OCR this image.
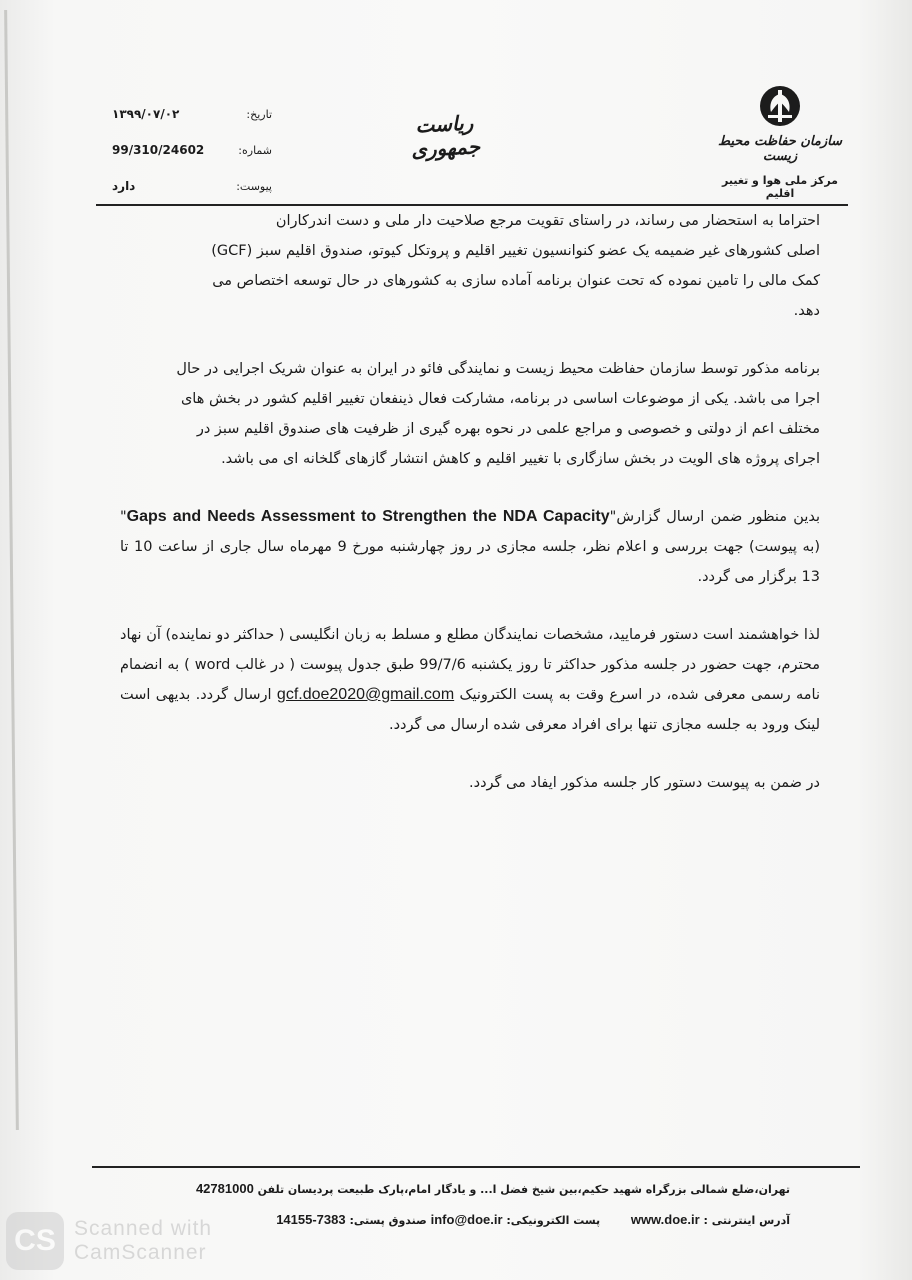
تاریخ:
۱۳۹۹/۰۷/۰۲
شماره:
99/310/24602
پیوست:
دارد
ریاست جمهوری	سازمان حفاظت محیط زیست
مرکز ملی هوا و تغییر اقلیم

احتراما به استحضار می رساند، در راستای تقویت مرجع صلاحیت دار ملی و دست اندرکاران

اصلی کشورهای غیر ضمیمه یک عضو کنوانسیون تغییر اقلیم و پروتکل کیوتو، صندوق اقلیم سبز (GCF)

کمک مالی را تامین نموده که تحت عنوان برنامه آماده سازی به کشورهای در حال توسعه اختصاص می

دهد.

برنامه مذکور توسط سازمان حفاظت محیط زیست و نمایندگی فائو در ایران به عنوان شریک اجرایی در حال

اجرا می باشد. یکی از موضوعات اساسی در برنامه، مشارکت فعال ذینفعان تغییر اقلیم کشور در بخش های

مختلف اعم از دولتی و خصوصی و مراجع علمی در نحوه بهره گیری از ظرفیت های صندوق اقلیم سبز در

اجرای پروژه های الویت در بخش سازگاری با تغییر اقلیم و کاهش انتشار گازهای گلخانه ای می باشد.

بدین منظور ضمن ارسال گزارش"Gaps and Needs Assessment to Strengthen the NDA Capacity" (به پیوست) جهت بررسی و اعلام نظر، جلسه مجازی در روز چهارشنبه مورخ 9 مهرماه سال جاری از ساعت 10 تا 13 برگزار می گردد.

لذا خواهشمند است دستور فرمایید، مشخصات نمایندگان مطلع و مسلط به زبان انگلیسی ( حداکثر دو نماینده) آن نهاد محترم، جهت حضور در جلسه مذکور حداکثر تا روز یکشنبه 99/7/6 طبق جدول پیوست ( در غالب word ) به انضمام نامه رسمی معرفی شده، در اسرع وقت به پست الکترونیک gcf.doe2020@gmail.com ارسال گردد. بدیهی است لینک ورود به جلسه مجازی تنها برای افراد معرفی شده ارسال می گردد.

در ضمن به پیوست دستور کار جلسه مذکور ایفاد می گردد.

تهران،ضلع شمالی بزرگراه شهید حکیم،بین شیخ فضل ا... و یادگار امام،پارک طبیعت پردیسان تلفن 42781000
آدرس اینترنتی : www.doe.ir        پست الکترونیکی: info@doe.ir صندوق پستی: 14155-7383
CS Scanned with
CamScanner
